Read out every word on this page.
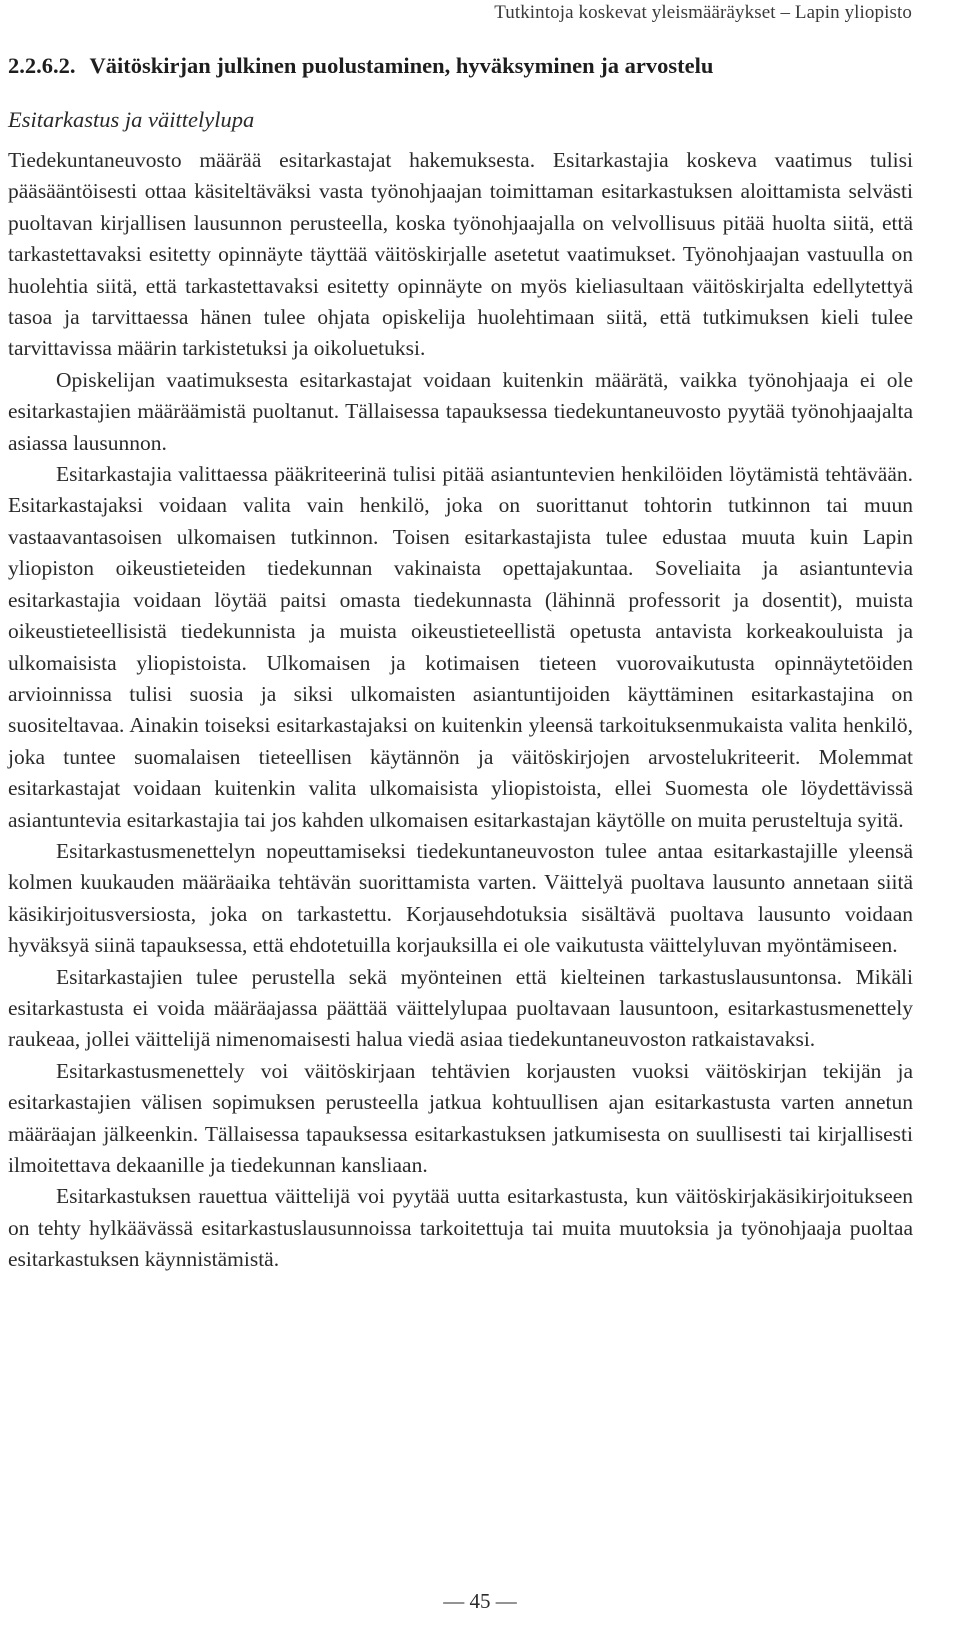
Tutkintoja koskevat yleismääräykset – Lapin yliopisto
2.2.6.2. Väitöskirjan julkinen puolustaminen, hyväksyminen ja arvostelu
Esitarkastus ja väittelylupa

Tiedekuntaneuvosto määrää esitarkastajat hakemuksesta. Esitarkastajia koskeva vaatimus tulisi pääsääntöisesti ottaa käsiteltäväksi vasta työnohjaajan toimittaman esitarkastuksen aloittamista selvästi puoltavan kirjallisen lausunnon perusteella, koska työnohjaajalla on velvollisuus pitää huolta siitä, että tarkastettavaksi esitetty opinnäyte täyttää väitöskirjalle asetetut vaatimukset. Työnohjaajan vastuulla on huolehtia siitä, että tarkastettavaksi esitetty opinnäyte on myös kieliasultaan väitöskirjalta edellytettyä tasoa ja tarvittaessa hänen tulee ohjata opiskelija huolehtimaan siitä, että tutkimuksen kieli tulee tarvittavissa määrin tarkistetuksi ja oikoluetuksi.

Opiskelijan vaatimuksesta esitarkastajat voidaan kuitenkin määrätä, vaikka työnohjaaja ei ole esitarkastajien määräämistä puoltanut. Tällaisessa tapauksessa tiedekuntaneuvosto pyytää työnohjaajalta asiassa lausunnon.

Esitarkastajia valittaessa pääkriteerinä tulisi pitää asiantuntevien henkilöiden löytämistä tehtävään. Esitarkastajaksi voidaan valita vain henkilö, joka on suorittanut tohtorin tutkinnon tai muun vastaavantasoisen ulkomaisen tutkinnon. Toisen esitarkastajista tulee edustaa muuta kuin Lapin yliopiston oikeustieteiden tiedekunnan vakinaista opettajakuntaa. Soveliaita ja asiantuntevia esitarkastajia voidaan löytää paitsi omasta tiedekunnasta (lähinnä professorit ja dosentit), muista oikeustieteellisistä tiedekunnista ja muista oikeustieteellistä opetusta antavista korkeakouluista ja ulkomaisista yliopistoista. Ulkomaisen ja kotimaisen tieteen vuorovaikutusta opinnäytetöiden arvioinnissa tulisi suosia ja siksi ulkomaisten asiantuntijoiden käyttäminen esitarkastajina on suositeltavaa. Ainakin toiseksi esitarkastajaksi on kuitenkin yleensä tarkoituksenmukaista valita henkilö, joka tuntee suomalaisen tieteellisen käytännön ja väitöskirjojen arvostelukriteerit. Molemmat esitarkastajat voidaan kuitenkin valita ulkomaisista yliopistoista, ellei Suomesta ole löydettävissä asiantuntevia esitarkastajia tai jos kahden ulkomaisen esitarkastajan käytölle on muita perusteltuja syitä.

Esitarkastusmenettelyn nopeuttamiseksi tiedekuntaneuvoston tulee antaa esitarkastajille yleensä kolmen kuukauden määräaika tehtävän suorittamista varten. Väittelyä puoltava lausunto annetaan siitä käsikirjoitusversiosta, joka on tarkastettu. Korjausehdotuksia sisältävä puoltava lausunto voidaan hyväksyä siinä tapauksessa, että ehdotetuilla korjauksilla ei ole vaikutusta väittelyluvan myöntämiseen.

Esitarkastajien tulee perustella sekä myönteinen että kielteinen tarkastuslausuntonsa. Mikäli esitarkastusta ei voida määräajassa päättää väittelylupaa puoltavaan lausuntoon, esitarkastusmenettely raukeaa, jollei väittelijä nimenomaisesti halua viedä asiaa tiedekuntaneuvoston ratkaistavaksi.

Esitarkastusmenettely voi väitöskirjaan tehtävien korjausten vuoksi väitöskirjan tekijän ja esitarkastajien välisen sopimuksen perusteella jatkua kohtuullisen ajan esitarkastusta varten annetun määräajan jälkeenkin. Tällaisessa tapauksessa esitarkastuksen jatkumisesta on suullisesti tai kirjallisesti ilmoitettava dekaanille ja tiedekunnan kansliaan.

Esitarkastuksen rauettua väittelijä voi pyytää uutta esitarkastusta, kun väitöskirjakäsikirjoitukseen on tehty hylkäävässä esitarkastuslausunnoissa tarkoitettuja tai muita muutoksia ja työnohjaaja puoltaa esitarkastuksen käynnistämistä.

— 45 —
